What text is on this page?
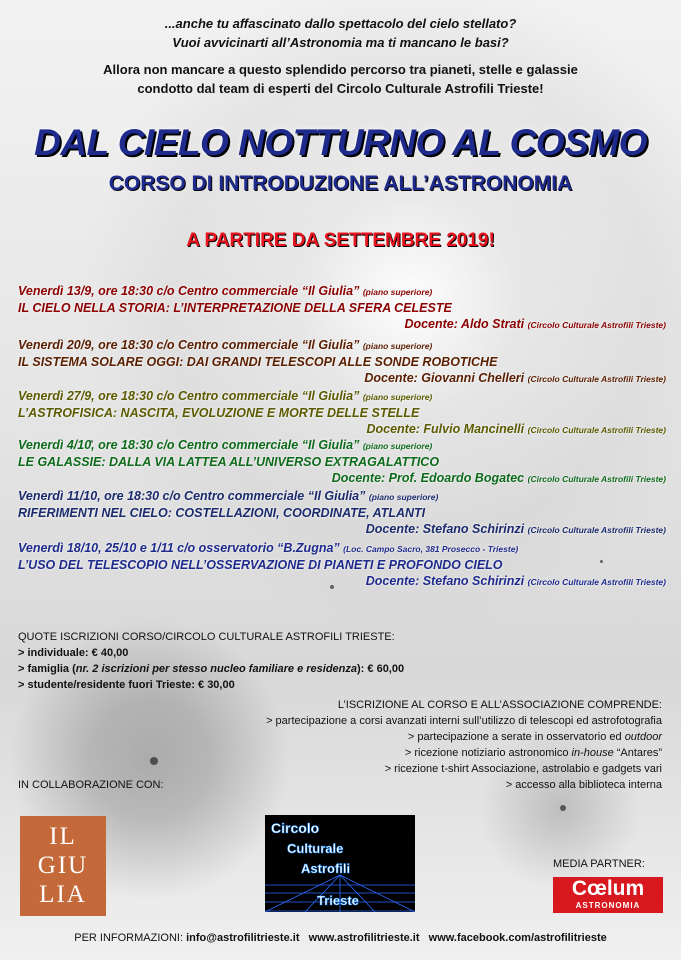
...anche tu affascinato dallo spettacolo del cielo stellato?
Vuoi avvicinarti all’Astronomia ma ti mancano le basi?
Allora non mancare a questo splendido percorso tra pianeti, stelle e galassie
condotto dal team di esperti del Circolo Culturale Astrofili Trieste!
DAL CIELO NOTTURNO AL COSMO
CORSO DI INTRODUZIONE ALL’ASTRONOMIA
A PARTIRE DA SETTEMBRE 2019!
Venerdì 13/9, ore 18:30 c/o Centro commerciale “Il Giulia” (piano superiore)
IL CIELO NELLA STORIA: L’INTERPRETAZIONE DELLA SFERA CELESTE
Docente: Aldo Strati (Circolo Culturale Astrofili Trieste)
Venerdì 20/9, ore 18:30 c/o Centro commerciale “Il Giulia” (piano superiore)
IL SISTEMA SOLARE OGGI: DAI GRANDI TELESCOPI ALLE SONDE ROBOTICHE
Docente: Giovanni Chelleri (Circolo Culturale Astrofili Trieste)
Venerdì 27/9, ore 18:30 c/o Centro commerciale “Il Giulia” (piano superiore)
L’ASTROFISICA: NASCITA, EVOLUZIONE E MORTE DELLE STELLE
Docente: Fulvio Mancinelli (Circolo Culturale Astrofili Trieste)
Venerdì 4/10, ore 18:30 c/o Centro commerciale “Il Giulia” (piano superiore)
LE GALASSIE: DALLA VIA LATTEA ALL’UNIVERSO EXTRAGALATTICO
Docente: Prof. Edoardo Bogatec (Circolo Culturale Astrofili Trieste)
Venerdì 11/10, ore 18:30 c/o Centro commerciale “Il Giulia” (piano superiore)
RIFERIMENTI NEL CIELO: COSTELLAZIONI, COORDINATE, ATLANTI
Docente: Stefano Schirinzi (Circolo Culturale Astrofili Trieste)
Venerdì 18/10, 25/10 e 1/11 c/o osservatorio “B.Zugna” (Loc. Campo Sacro, 381 Prosecco - Trieste)
L’USO DEL TELESCOPIO NELL’OSSERVAZIONE DI PIANETI E PROFONDO CIELO
Docente: Stefano Schirinzi (Circolo Culturale Astrofili Trieste)
QUOTE ISCRIZIONI CORSO/CIRCOLO CULTURALE ASTROFILI TRIESTE:
> individuale: € 40,00
> famiglia (nr. 2 iscrizioni per stesso nucleo familiare e residenza): € 60,00
> studente/residente fuori Trieste: € 30,00
L’ISCRIZIONE AL CORSO E ALL’ASSOCIAZIONE COMPRENDE:
> partecipazione a corsi avanzati interni sull’utilizzo di telescopi ed astrofotografia
> partecipazione a serate in osservatorio ed outdoor
> ricezione notiziario astronomico in-house “Antares”
> ricezione t-shirt Associazione, astrolabio e gadgets vari
> accesso alla biblioteca interna
IN COLLABORAZIONE CON:
IL
GIU
LIA
Circolo
Culturale
Astrofili
Trieste
MEDIA PARTNER:
Cœlum
ASTRONOMIA
PER INFORMAZIONI: info@astrofilitrieste.it www.astrofilitrieste.it www.facebook.com/astrofilitrieste
